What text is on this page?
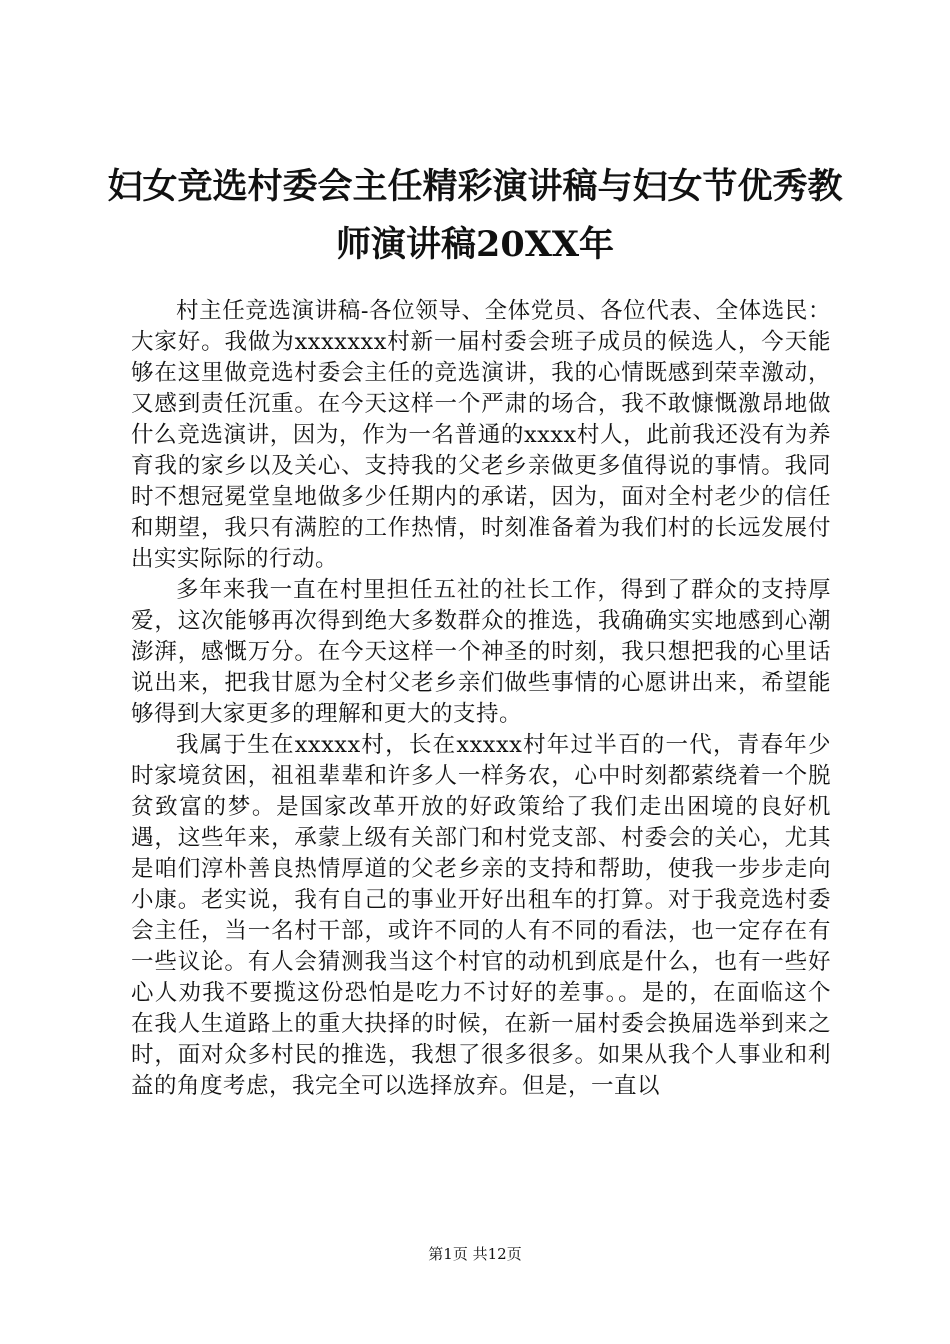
妇女竞选村委会主任精彩演讲稿与妇女节优秀教师演讲稿20XX年

村主任竞选演讲稿-各位领导、全体党员、各位代表、全体选民：大家好。我做为xxxxxxx村新一届村委会班子成员的候选人，今天能够在这里做竞选村委会主任的竞选演讲，我的心情既感到荣幸激动，又感到责任沉重。在今天这样一个严肃的场合，我不敢慷慨激昂地做什么竞选演讲，因为，作为一名普通的xxxx村人，此前我还没有为养育我的家乡以及关心、支持我的父老乡亲做更多值得说的事情。我同时不想冠冕堂皇地做多少任期内的承诺，因为，面对全村老少的信任和期望，我只有满腔的工作热情，时刻准备着为我们村的长远发展付出实实际际的行动。

多年来我一直在村里担任五社的社长工作，得到了群众的支持厚爱，这次能够再次得到绝大多数群众的推选，我确确实实地感到心潮澎湃，感慨万分。在今天这样一个神圣的时刻，我只想把我的心里话说出来，把我甘愿为全村父老乡亲们做些事情的心愿讲出来，希望能够得到大家更多的理解和更大的支持。

我属于生在xxxxx村，长在xxxxx村年过半百的一代，青春年少时家境贫困，祖祖辈辈和许多人一样务农，心中时刻都萦绕着一个脱贫致富的梦。是国家改革开放的好政策给了我们走出困境的良好机遇，这些年来，承蒙上级有关部门和村党支部、村委会的关心，尤其是咱们淳朴善良热情厚道的父老乡亲的支持和帮助，使我一步步走向小康。老实说，我有自己的事业开好出租车的打算。对于我竞选村委会主任，当一名村干部，或许不同的人有不同的看法，也一定存在有一些议论。有人会猜测我当这个村官的动机到底是什么，也有一些好心人劝我不要揽这份恐怕是吃力不讨好的差事。。是的，在面临这个在我人生道路上的重大抉择的时候，在新一届村委会换届选举到来之时，面对众多村民的推选，我想了很多很多。如果从我个人事业和利益的角度考虑，我完全可以选择放弃。但是，一直以

第1页 共12页
